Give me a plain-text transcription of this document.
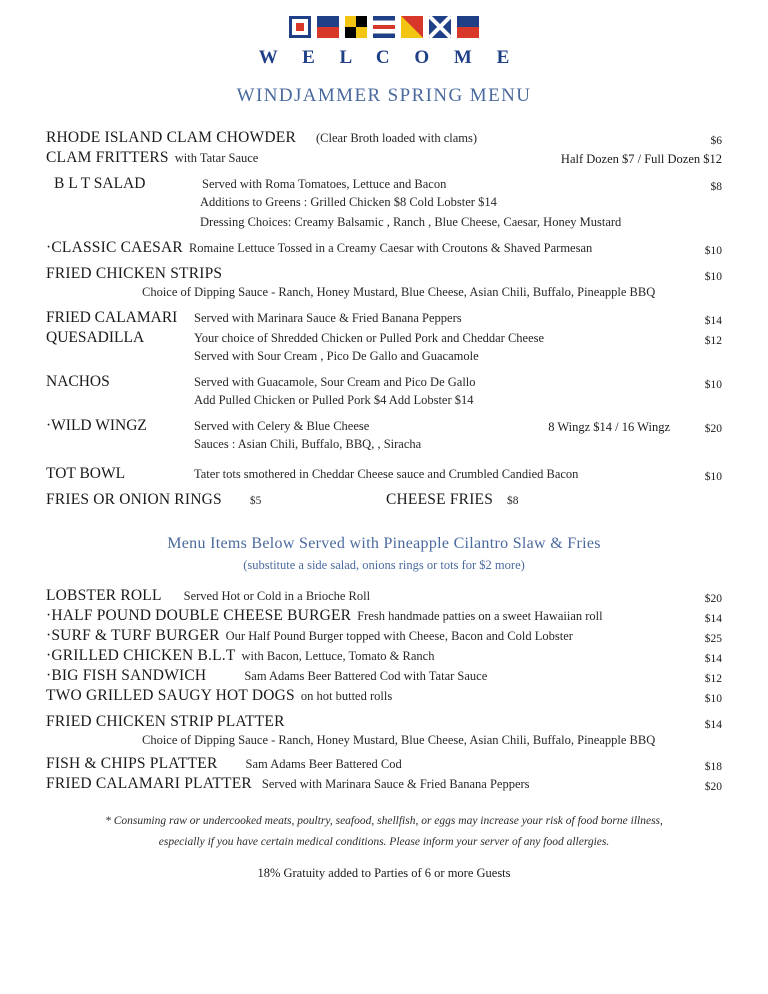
W E L C O M E
WINDJAMMER SPRING MENU
RHODE ISLAND CLAM CHOWDER	(Clear Broth loaded with clams)	$6
CLAM FRITTERS with Tatar Sauce	Half Dozen $7 / Full Dozen $12
B L T SALAD	Served with Roma Tomatoes, Lettuce and Bacon	$8
Additions to Greens : Grilled Chicken $8 Cold Lobster $14
Dressing Choices: Creamy Balsamic , Ranch , Blue Cheese, Caesar, Honey Mustard
·CLASSIC CAESAR Romaine Lettuce Tossed in a Creamy Caesar with Croutons & Shaved Parmesan	$10
FRIED CHICKEN STRIPS	$10
Choice of Dipping Sauce - Ranch, Honey Mustard, Blue Cheese, Asian Chili, Buffalo, Pineapple BBQ
FRIED CALAMARI	Served with Marinara Sauce & Fried Banana Peppers	$14
QUESADILLA	Your choice of Shredded Chicken or Pulled Pork and Cheddar Cheese	$12
Served with Sour Cream , Pico De Gallo and Guacamole
NACHOS	Served with Guacamole, Sour Cream and Pico De Gallo	$10
Add Pulled Chicken or Pulled Pork $4 Add Lobster $14
·WILD WINGZ	Served with Celery & Blue Cheese	8 Wingz $14 / 16 Wingz	$20
Sauces : Asian Chili, Buffalo, BBQ, , Siracha
TOT BOWL	Tater tots smothered in Cheddar Cheese sauce and Crumbled Candied Bacon	$10
FRIES OR ONION RINGS $5	CHEESE FRIES $8
Menu Items Below Served with Pineapple Cilantro Slaw & Fries
(substitute a side salad, onions rings or tots for $2 more)
LOBSTER ROLL	Served Hot or Cold in a Brioche Roll	$20
·HALF POUND DOUBLE CHEESE BURGER Fresh handmade patties on a sweet Hawaiian roll	$14
·SURF & TURF BURGER Our Half Pound Burger topped with Cheese, Bacon and Cold Lobster	$25
·GRILLED CHICKEN B.L.T with Bacon, Lettuce, Tomato & Ranch	$14
·BIG FISH SANDWICH	Sam Adams Beer Battered Cod with Tatar Sauce	$12
TWO GRILLED SAUGY HOT DOGS on hot butted rolls	$10
FRIED CHICKEN STRIP PLATTER	$14
Choice of Dipping Sauce - Ranch, Honey Mustard, Blue Cheese, Asian Chili, Buffalo, Pineapple BBQ
FISH & CHIPS PLATTER	Sam Adams Beer Battered Cod	$18
FRIED CALAMARI PLATTER Served with Marinara Sauce & Fried Banana Peppers	$20
* Consuming raw or undercooked meats, poultry, seafood, shellfish, or eggs may increase your risk of food borne illness,
especially if you have certain medical conditions. Please inform your server of any food allergies.
18% Gratuity added to Parties of 6 or more Guests
